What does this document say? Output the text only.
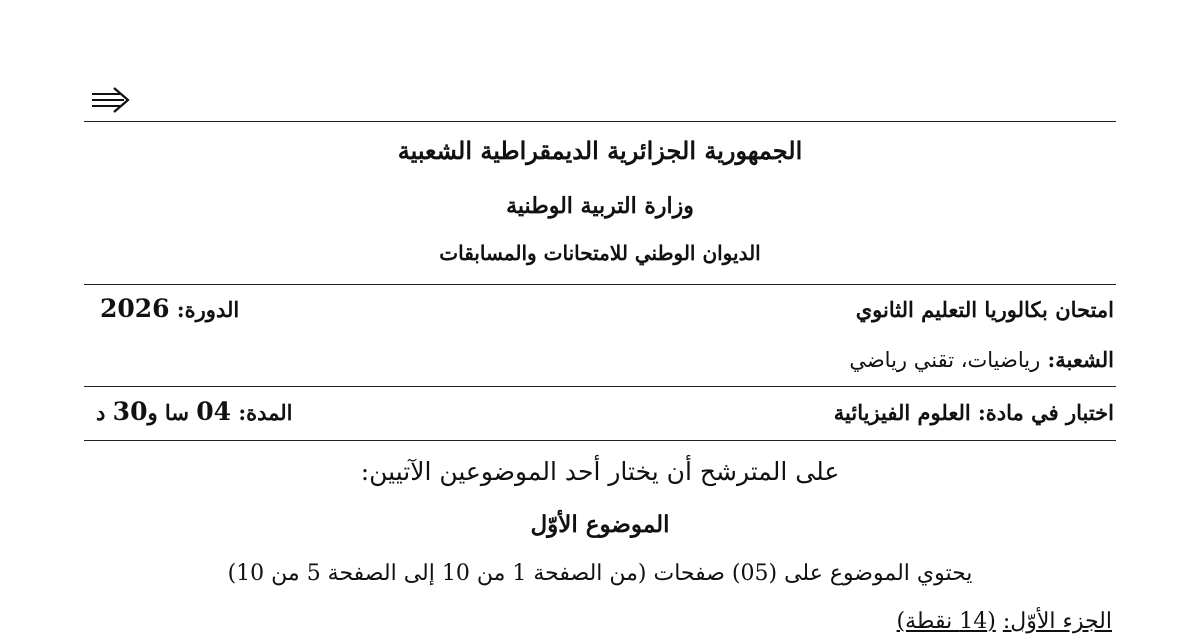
الجمهورية الجزائرية الديمقراطية الشعبية
وزارة التربية الوطنية
الديوان الوطني للامتحانات والمسابقات
امتحان بكالوريا التعليم الثانوي
الدورة: 2026
الشعبة: رياضيات، تقني رياضي
اختبار في مادة: العلوم الفيزيائية
المدة: 04 سا و30 د
على المترشح أن يختار أحد الموضوعين الآتيين:
الموضوع الأوّل
يحتوي الموضوع على (05) صفحات (من الصفحة 1 من 10 إلى الصفحة 5 من 10)
الجزء الأوّل: (14 نقطة)
